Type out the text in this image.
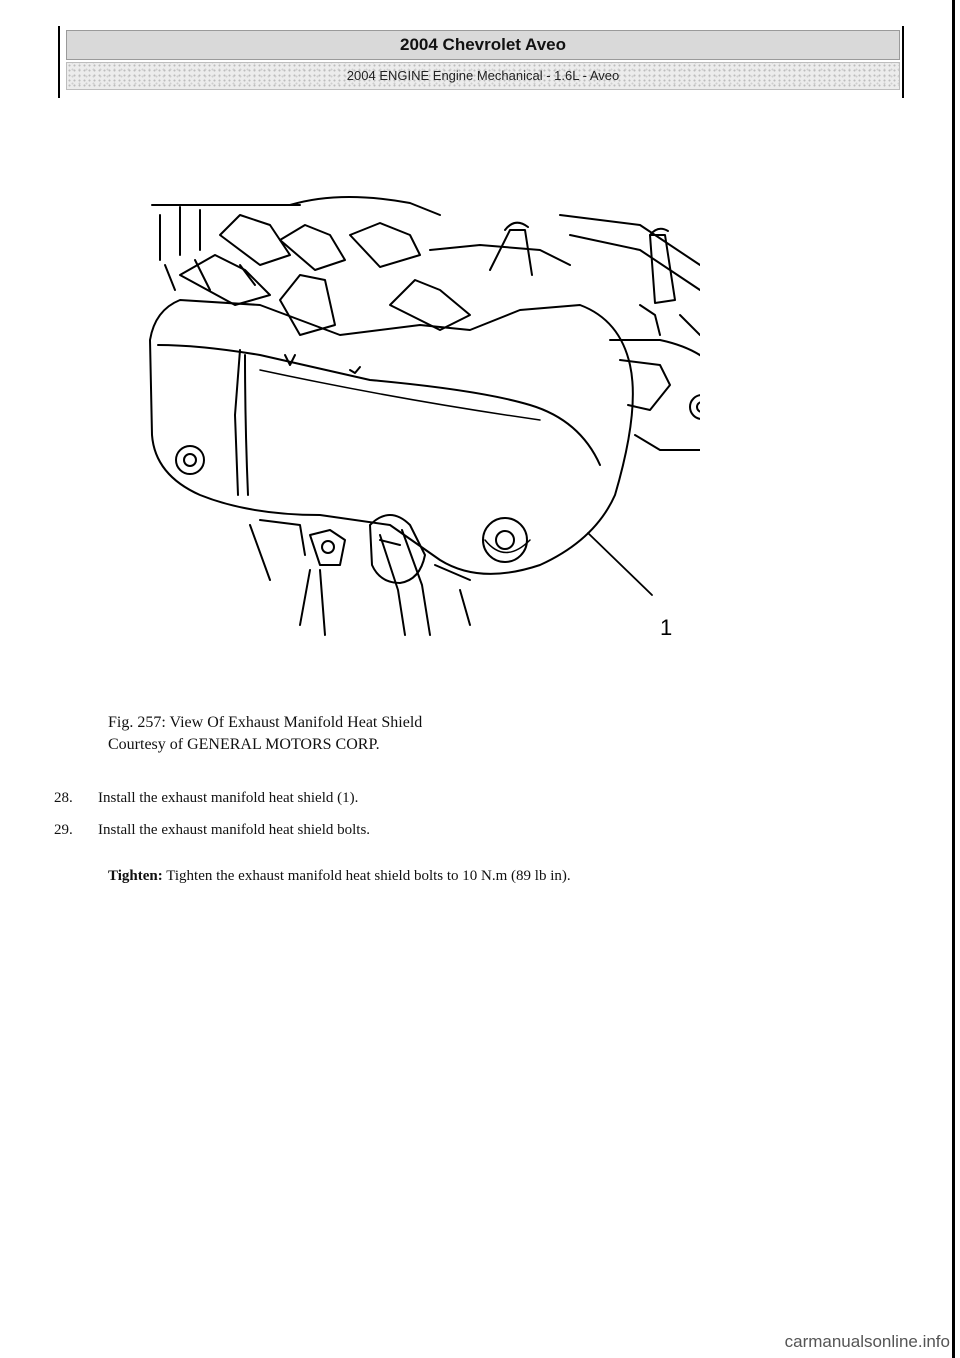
2004 Chevrolet Aveo
2004 ENGINE Engine Mechanical - 1.6L - Aveo
1
Fig. 257: View Of Exhaust Manifold Heat Shield
Courtesy of GENERAL MOTORS CORP.
28. Install the exhaust manifold heat shield (1).
29. Install the exhaust manifold heat shield bolts.
Tighten: Tighten the exhaust manifold heat shield bolts to 10 N.m (89 lb in).
carmanualsonline.info
